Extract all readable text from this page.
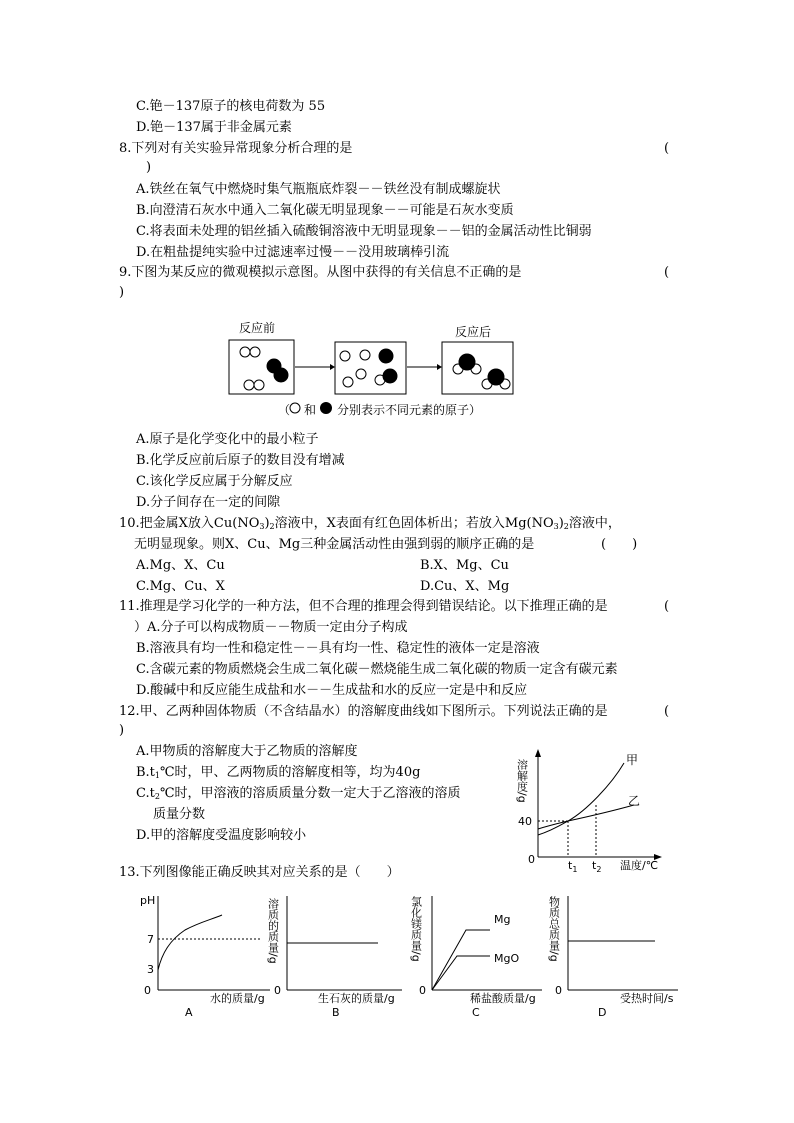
C.铯－137原子的核电荷数为 55
D.铯－137属于非金属元素
8.下列对有关实验异常现象分析合理的是	(
)
A.铁丝在氧气中燃烧时集气瓶瓶底炸裂－－铁丝没有制成螺旋状
B.向澄清石灰水中通入二氧化碳无明显现象－－可能是石灰水变质
C.将表面未处理的铝丝插入硫酸铜溶液中无明显现象－－铝的金属活动性比铜弱
D.在粗盐提纯实验中过滤速率过慢－－没用玻璃棒引流
9.下图为某反应的微观模拟示意图。从图中获得的有关信息不正确的是	(
)
反应前	反应后
（ 和 分别表示不同元素的原子）
A.原子是化学变化中的最小粒子
B.化学反应前后原子的数目没有增减
C.该化学反应属于分解反应
D.分子间存在一定的间隙
10.把金属X放入$Cu(NO_3)_2$溶液中，X表面有红色固体析出；若放入$Mg(NO_3)_2$溶液中，
无明显现象。则X、Cu、Mg三种金属活动性由强到弱的顺序正确的是	(　　)
A.Mg、X、Cu	B.X、Mg、Cu
C.Mg、Cu、X	D.Cu、X、Mg
11.推理是学习化学的一种方法，但不合理的推理会得到错误结论。以下推理正确的是	(
）A.分子可以构成物质－－物质一定由分子构成
B.溶液具有均一性和稳定性－－具有均一性、稳定性的液体一定是溶液
C.含碳元素的物质燃烧会生成二氧化碳－燃烧能生成二氧化碳的物质一定含有碳元素
D.酸碱中和反应能生成盐和水－－生成盐和水的反应一定是中和反应
12.甲、乙两种固体物质（不含结晶水）的溶解度曲线如下图所示。下列说法正确的是	(
)
A.甲物质的溶解度大于乙物质的溶解度
$B.t_1℃$时，甲、乙两物质的溶解度相等，均为40g
$C.t_2℃$时，甲溶液的溶质质量分数一定大于乙溶液的溶质
质量分数
D.甲的溶解度受温度影响较小
溶解度/g
温度/℃
0
40
$t_1$ $t_2$
甲
乙
13.下列图像能正确反映其对应关系的是（　　）
pH
0
7
3
水的质量/g
A
溶质的质量/g
0
生石灰的质量/g
B
氯化镁质量/g
0
Mg
MgO
稀盐酸质量/g
C
物质总质量/g
0
受热时间/s
D
